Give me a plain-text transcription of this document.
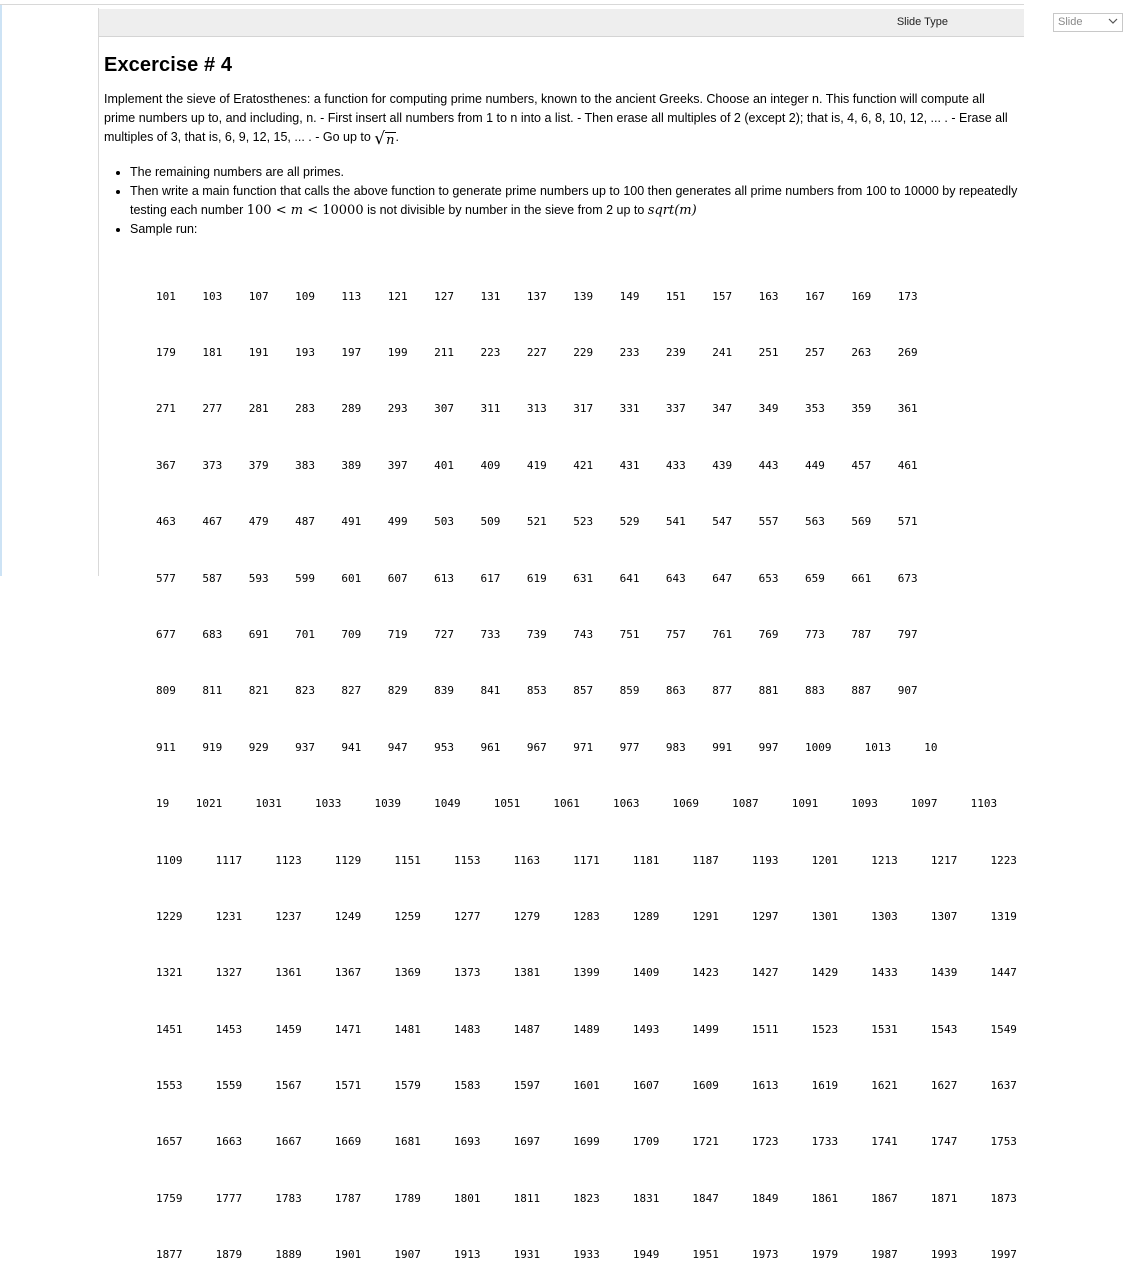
Slide Type	Slide
Excercise # 4

Implement the sieve of Eratosthenes: a function for computing prime numbers, known to the ancient Greeks. Choose an integer n. This function will compute all prime numbers up to, and including, n. - First insert all numbers from 1 to n into a list. - Then erase all multiples of 2 (except 2); that is, 4, 6, 8, 10, 12, ... . - Erase all multiples of 3, that is, 6, 9, 12, 15, ... . - Go up to √n.

• The remaining numbers are all primes.
• Then write a main function that calls the above function to generate prime numbers up to 100 then generates all prime numbers from 100 to 10000 by repeatedly testing each number 100 < m < 10000 is not divisible by number in the sieve from 2 up to sqrt(m)
• Sample run:

101    103    107    109    113    121    127    131    137    139    149    151    157    163    167    169    173

179    181    191    193    197    199    211    223    227    229    233    239    241    251    257    263    269

271    277    281    283    289    293    307    311    313    317    331    337    347    349    353    359    361

367    373    379    383    389    397    401    409    419    421    431    433    439    443    449    457    461

463    467    479    487    491    499    503    509    521    523    529    541    547    557    563    569    571

577    587    593    599    601    607    613    617    619    631    641    643    647    653    659    661    673

677    683    691    701    709    719    727    733    739    743    751    757    761    769    773    787    797

809    811    821    823    827    829    839    841    853    857    859    863    877    881    883    887    907

911    919    929    937    941    947    953    961    967    971    977    983    991    997    1009     1013     10

19    1021     1031     1033     1039     1049     1051     1061     1063     1069     1087     1091     1093     1097     1103

1109     1117     1123     1129     1151     1153     1163     1171     1181     1187     1193     1201     1213     1217     1223

1229     1231     1237     1249     1259     1277     1279     1283     1289     1291     1297     1301     1303     1307     1319

1321     1327     1361     1367     1369     1373     1381     1399     1409     1423     1427     1429     1433     1439     1447

1451     1453     1459     1471     1481     1483     1487     1489     1493     1499     1511     1523     1531     1543     1549

1553     1559     1567     1571     1579     1583     1597     1601     1607     1609     1613     1619     1621     1627     1637

1657     1663     1667     1669     1681     1693     1697     1699     1709     1721     1723     1733     1741     1747     1753

1759     1777     1783     1787     1789     1801     1811     1823     1831     1847     1849     1861     1867     1871     1873

1877     1879     1889     1901     1907     1913     1931     1933     1949     1951     1973     1979     1987     1993     1997
